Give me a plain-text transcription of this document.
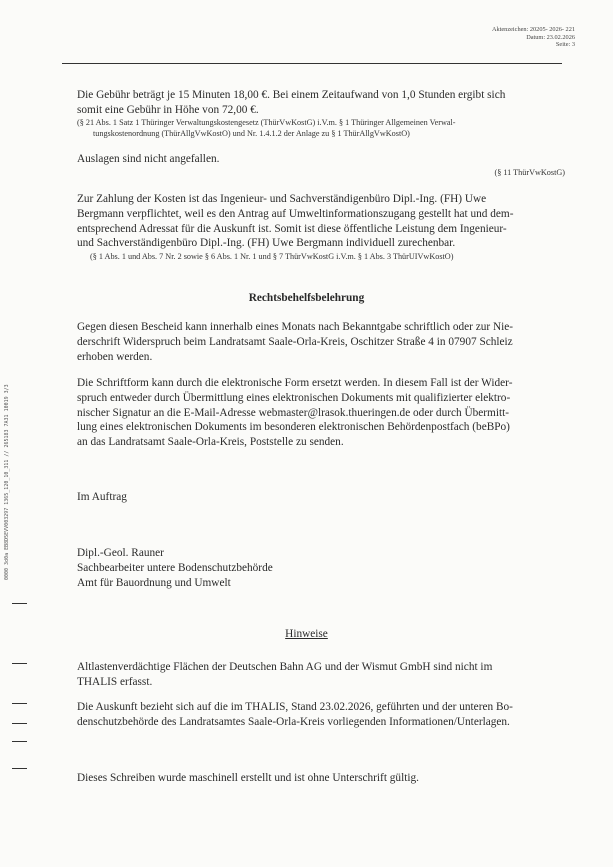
Aktenzeichen: 20205- 2026- 221
Datum: 23.02.2026
Seite: 3
0000 3d0a EB8D5EVV003297 1365_120_10_311 // 265183 7A31 10019 3/3
Die Gebühr beträgt je 15 Minuten 18,00 €. Bei einem Zeitaufwand von 1,0 Stunden ergibt sich
somit eine Gebühr in Höhe von 72,00 €.
(§ 21 Abs. 1 Satz 1 Thüringer Verwaltungskostengesetz (ThürVwKostG) i.V.m. § 1 Thüringer Allgemeinen Verwal-
tungskostenordnung (ThürAllgVwKostO) und Nr. 1.4.1.2 der Anlage zu § 1 ThürAllgVwKostO)
Auslagen sind nicht angefallen.
(§ 11 ThürVwKostG)
Zur Zahlung der Kosten ist das Ingenieur- und Sachverständigenbüro Dipl.-Ing. (FH) Uwe
Bergmann verpflichtet, weil es den Antrag auf Umweltinformationszugang gestellt hat und dem-
entsprechend Adressat für die Auskunft ist. Somit ist diese öffentliche Leistung dem Ingenieur-
und Sachverständigenbüro Dipl.-Ing. (FH) Uwe Bergmann individuell zurechenbar.
(§ 1 Abs. 1 und Abs. 7 Nr. 2 sowie § 6 Abs. 1 Nr. 1 und § 7 ThürVwKostG i.V.m. § 1 Abs. 3 ThürUIVwKostO)
Rechtsbehelfsbelehrung
Gegen diesen Bescheid kann innerhalb eines Monats nach Bekanntgabe schriftlich oder zur Nie-
derschrift Widerspruch beim Landratsamt Saale-Orla-Kreis, Oschitzer Straße 4 in 07907 Schleiz
erhoben werden.
Die Schriftform kann durch die elektronische Form ersetzt werden. In diesem Fall ist der Wider-
spruch entweder durch Übermittlung eines elektronischen Dokuments mit qualifizierter elektro-
nischer Signatur an die E-Mail-Adresse webmaster@lrasok.thueringen.de oder durch Übermitt-
lung eines elektronischen Dokuments im besonderen elektronischen Behördenpostfach (beBPo)
an das Landratsamt Saale-Orla-Kreis, Poststelle zu senden.
Im Auftrag
Dipl.-Geol. Rauner
Sachbearbeiter untere Bodenschutzbehörde
Amt für Bauordnung und Umwelt
Hinweise
Altlastenverdächtige Flächen der Deutschen Bahn AG und der Wismut GmbH sind nicht im
THALIS erfasst.
Die Auskunft bezieht sich auf die im THALIS, Stand 23.02.2026, geführten und der unteren Bo-
denschutzbehörde des Landratsamtes Saale-Orla-Kreis vorliegenden Informationen/Unterlagen.
Dieses Schreiben wurde maschinell erstellt und ist ohne Unterschrift gültig.
